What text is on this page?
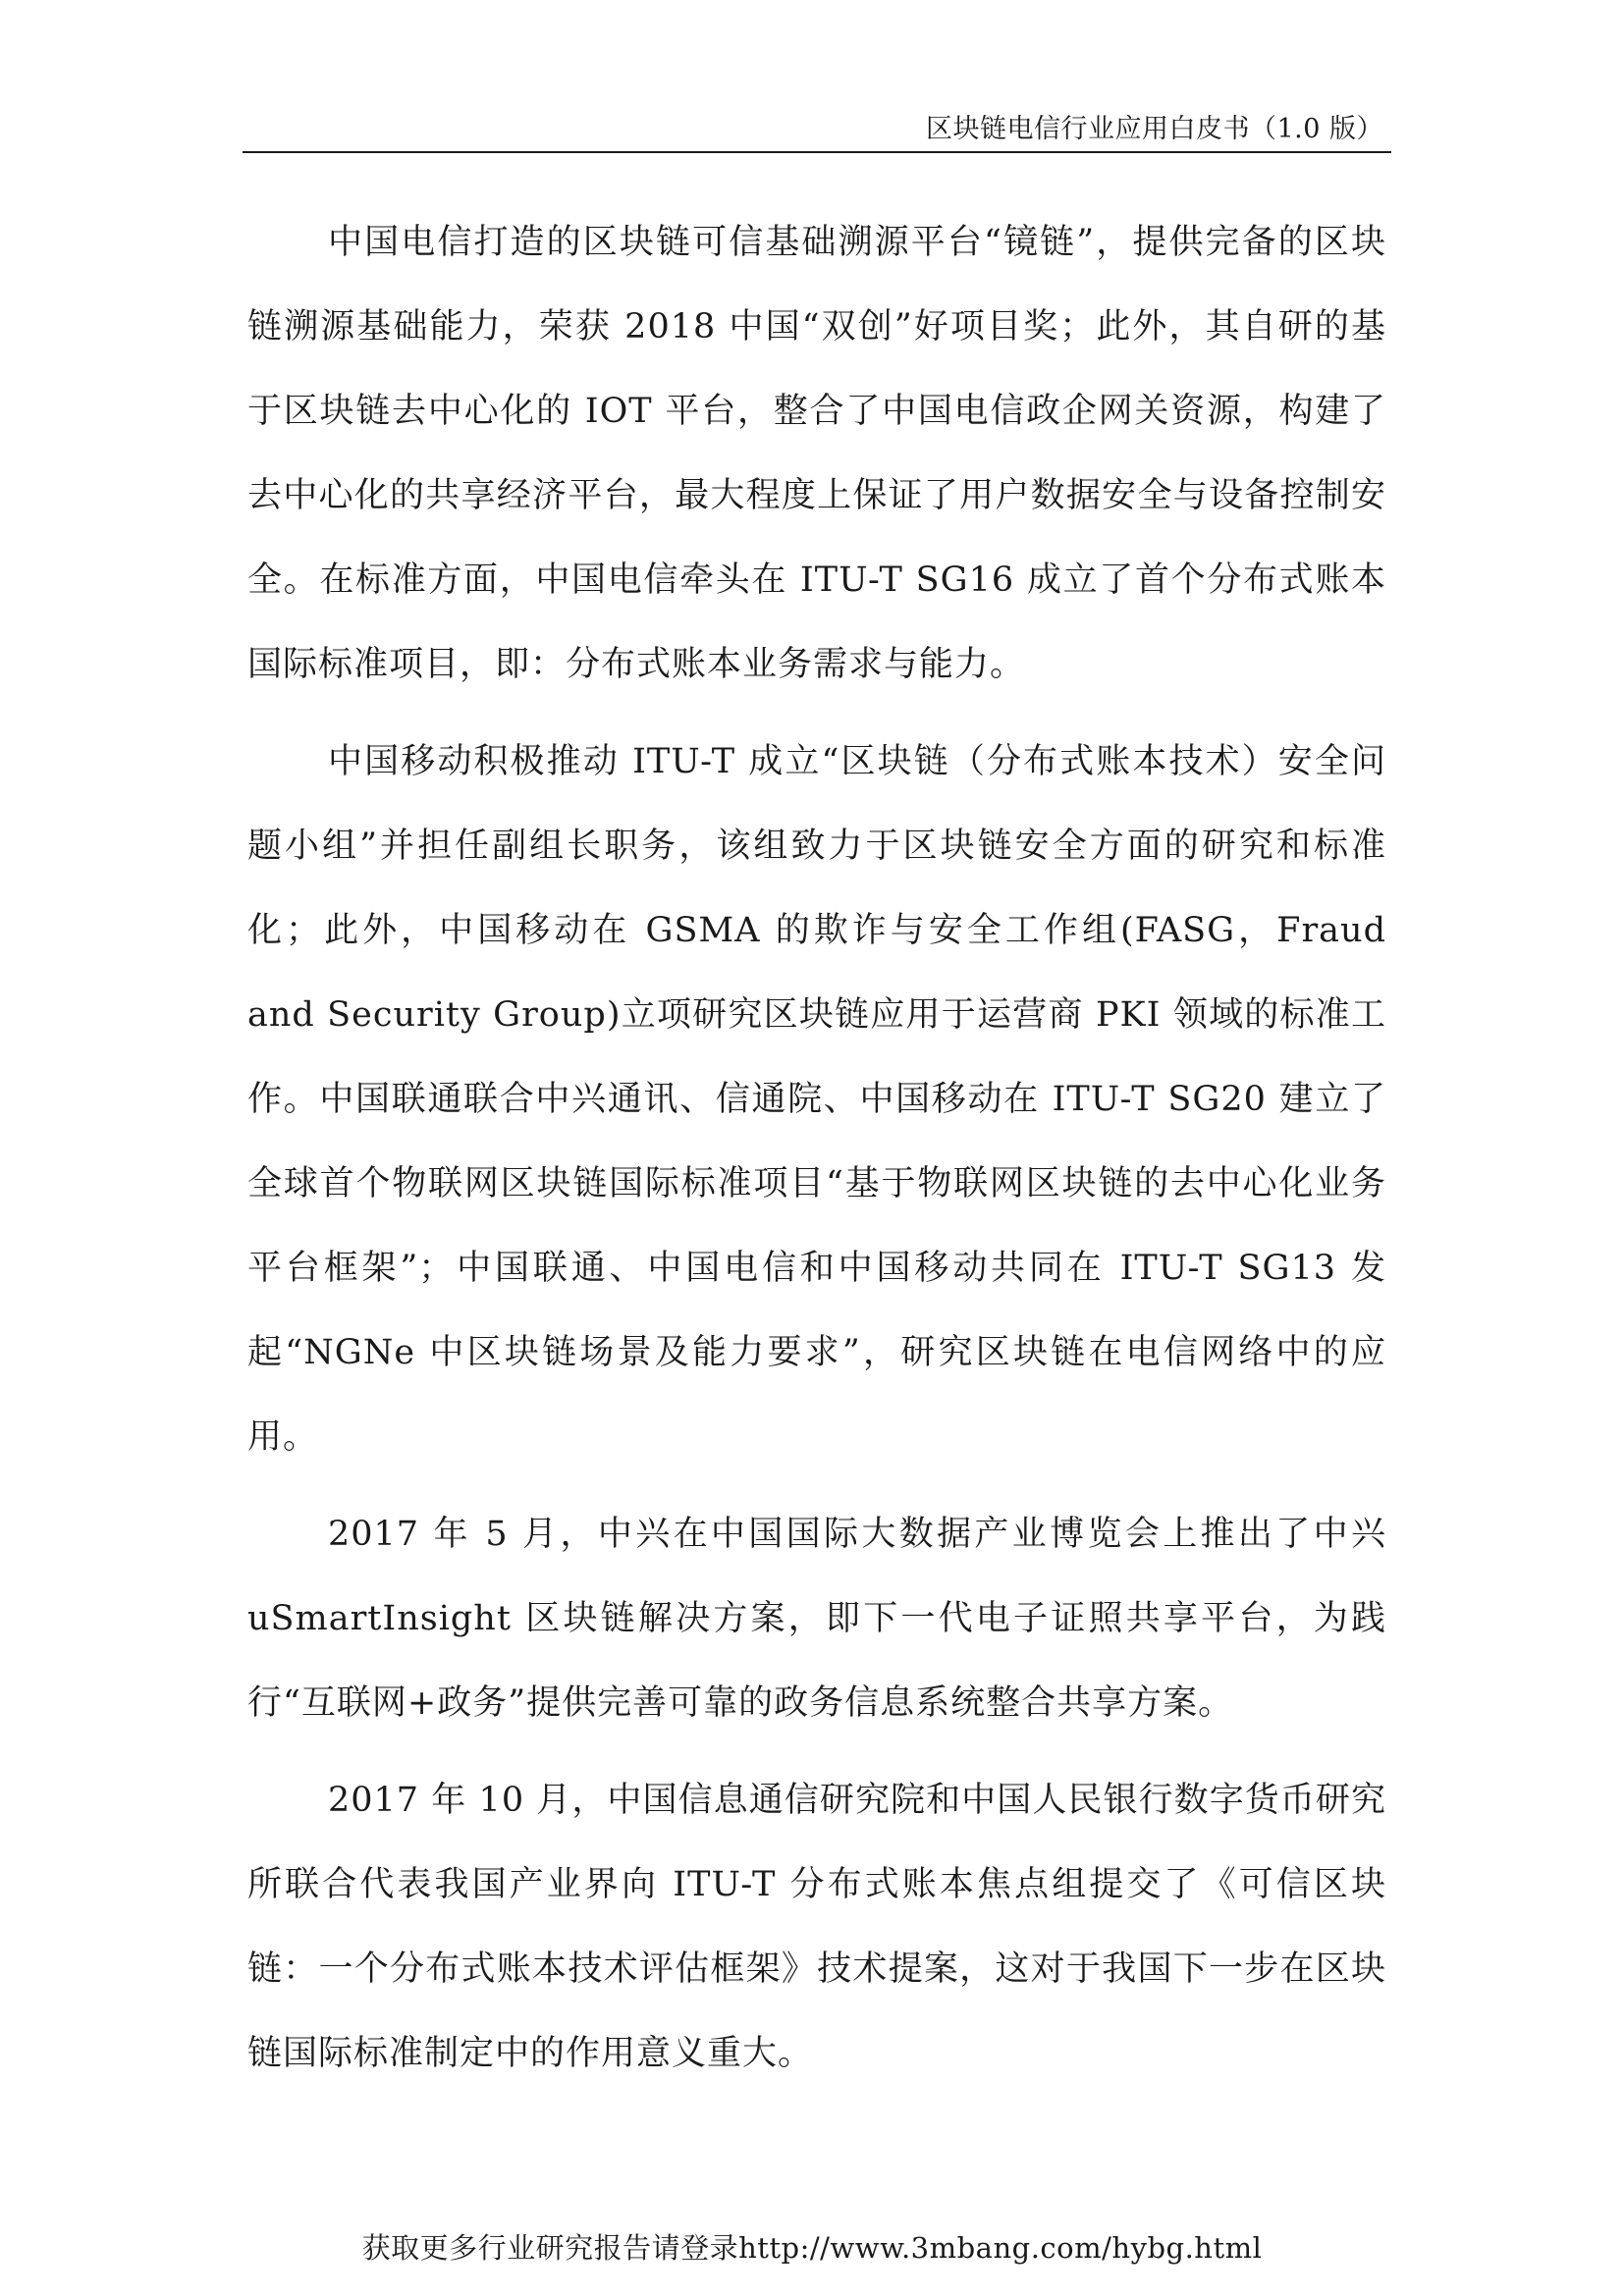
区块链电信行业应用白皮书（1.0 版）

中国电信打造的区块链可信基础溯源平台“镜链”，提供完备的区块链溯源基础能力，荣获 2018 中国“双创”好项目奖；此外，其自研的基于区块链去中心化的 IOT 平台，整合了中国电信政企网关资源，构建了去中心化的共享经济平台，最大程度上保证了用户数据安全与设备控制安全。在标准方面，中国电信牵头在 ITU-T SG16 成立了首个分布式账本国际标准项目，即：分布式账本业务需求与能力。

中国移动积极推动 ITU-T 成立“区块链（分布式账本技术）安全问题小组”并担任副组长职务，该组致力于区块链安全方面的研究和标准化；此外，中国移动在 GSMA 的欺诈与安全工作组(FASG，Fraud and Security Group)立项研究区块链应用于运营商 PKI 领域的标准工作。中国联通联合中兴通讯、信通院、中国移动在 ITU-T SG20 建立了全球首个物联网区块链国际标准项目“基于物联网区块链的去中心化业务平台框架”；中国联通、中国电信和中国移动共同在 ITU-T SG13 发起“NGNe 中区块链场景及能力要求”，研究区块链在电信网络中的应用。

2017 年 5 月，中兴在中国国际大数据产业博览会上推出了中兴 uSmartInsight 区块链解决方案，即下一代电子证照共享平台，为践行“互联网+政务”提供完善可靠的政务信息系统整合共享方案。

2017 年 10 月，中国信息通信研究院和中国人民银行数字货币研究所联合代表我国产业界向 ITU-T 分布式账本焦点组提交了《可信区块链：一个分布式账本技术评估框架》技术提案，这对于我国下一步在区块链国际标准制定中的作用意义重大。

获取更多行业研究报告请登录http://www.3mbang.com/hybg.html
